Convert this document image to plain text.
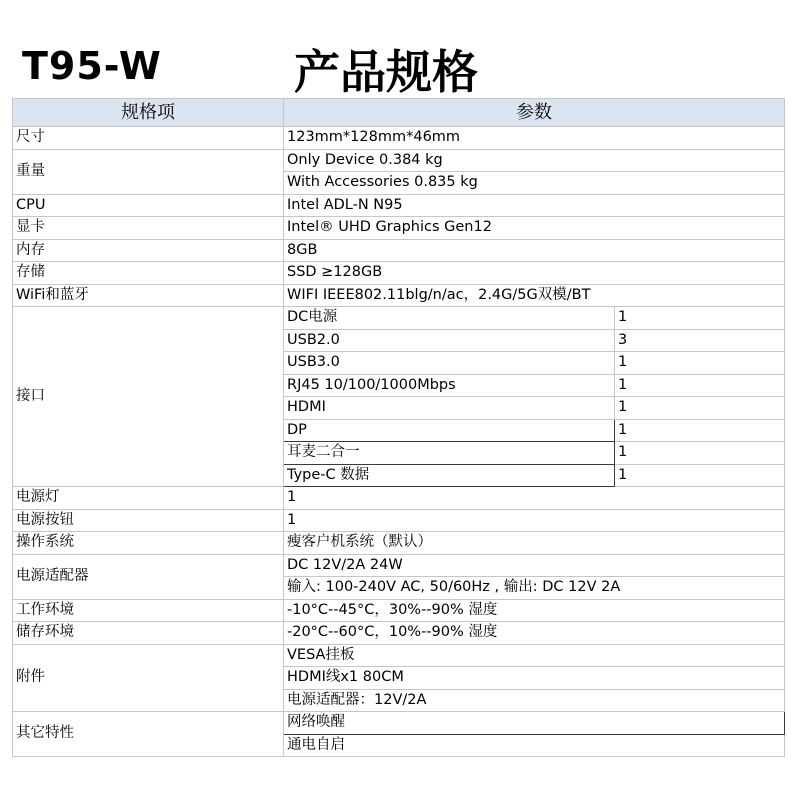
T95-W	产品规格
规格项	参数	
尺寸	123mm*128mm*46mm	
重量	Only Device 0.384 kg	
	With Accessories 0.835 kg	
CPU	Intel ADL-N N95	
显卡	Intel® UHD Graphics Gen12	
内存	8GB	
存储	SSD ≥128GB	
WiFi和蓝牙	WIFI IEEE802.11blg/n/ac，2.4G/5G双模/BT	
接口	DC电源	1
	USB2.0	3
	USB3.0	1
	RJ45 10/100/1000Mbps	1
	HDMI	1
	DP	1
	耳麦二合一	1
	Type-C 数据	1
电源灯	1	
电源按钮	1	
操作系统	瘦客户机系统（默认）	
电源适配器	DC 12V/2A 24W	
	输入: 100-240V AC, 50/60Hz , 输出: DC 12V 2A	
工作环境	-10°C--45°C，30%--90% 湿度	
储存环境	-20°C--60°C，10%--90% 湿度	
附件	VESA挂板	
	HDMI线x1 80CM	
	电源适配器：12V/2A	
其它特性	网络唤醒	
	通电自启	
